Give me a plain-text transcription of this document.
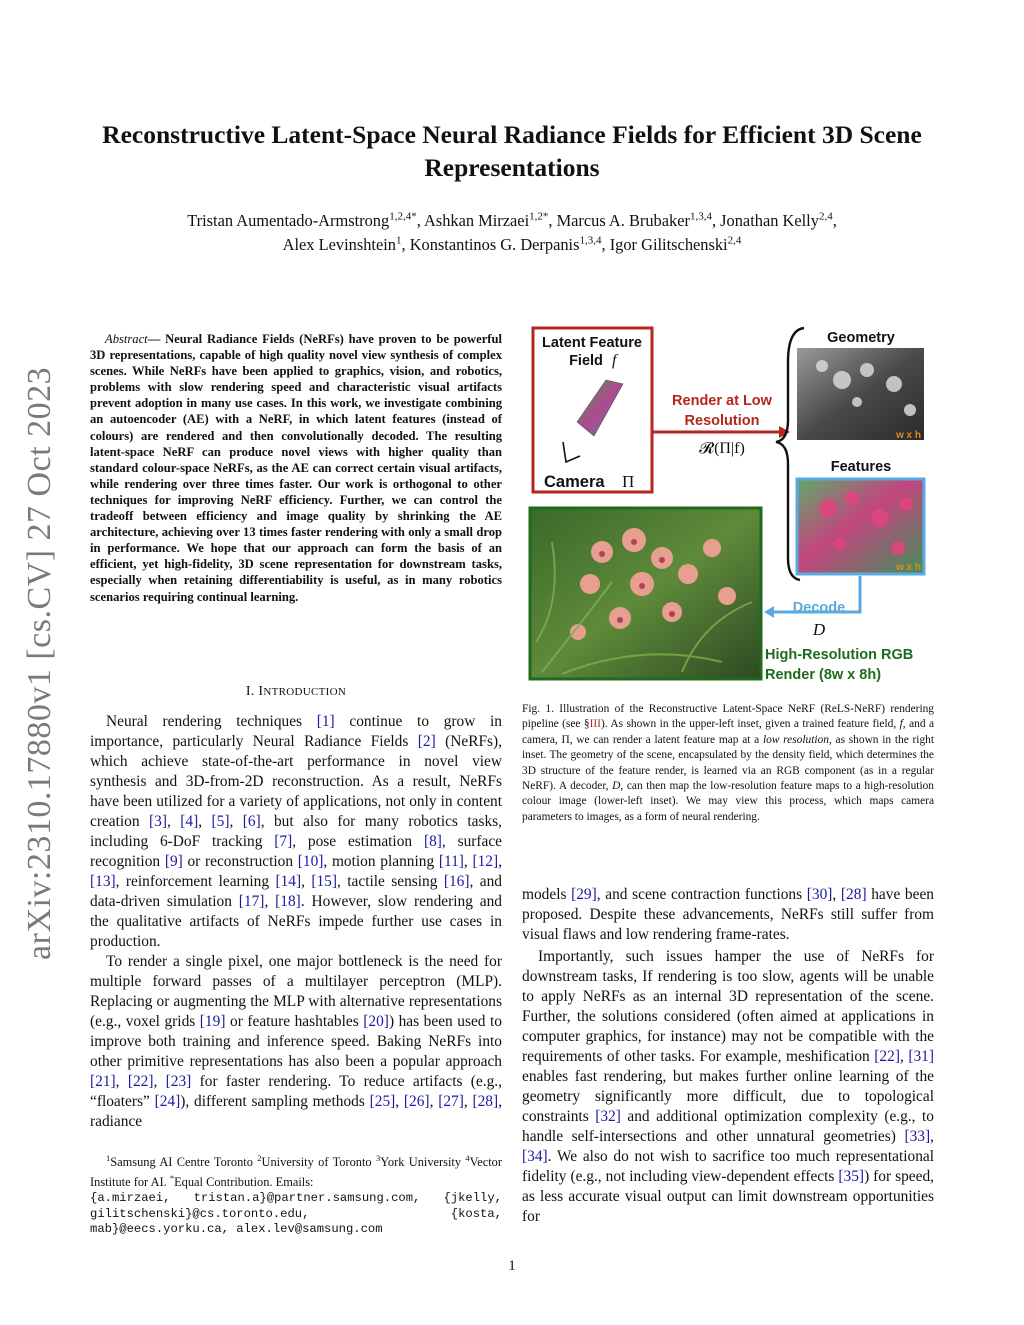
arXiv:2310.17880v1 [cs.CV] 27 Oct 2023
Reconstructive Latent-Space Neural Radiance Fields for Efficient 3D Scene Representations
Tristan Aumentado-Armstrong$^{1,2,4*}$, Ashkan Mirzaei$^{1,2*}$, Marcus A. Brubaker$^{1,3,4}$, Jonathan Kelly$^{2,4}$,
Alex Levinshtein$^1$, Konstantinos G. Derpanis$^{1,3,4}$, Igor Gilitschenski$^{2,4}$
Abstract— Neural Radiance Fields (NeRFs) have proven to be powerful 3D representations, capable of high quality novel view synthesis of complex scenes. While NeRFs have been applied to graphics, vision, and robotics, problems with slow rendering speed and characteristic visual artifacts prevent adoption in many use cases. In this work, we investigate combining an autoencoder (AE) with a NeRF, in which latent features (instead of colours) are rendered and then convolutionally decoded. The resulting latent-space NeRF can produce novel views with higher quality than standard colour-space NeRFs, as the AE can correct certain visual artifacts, while rendering over three times faster. Our work is orthogonal to other techniques for improving NeRF efficiency. Further, we can control the tradeoff between efficiency and image quality by shrinking the AE architecture, achieving over 13 times faster rendering with only a small drop in performance. We hope that our approach can form the basis of an efficient, yet high-fidelity, 3D scene representation for downstream tasks, especially when retaining differentiability is useful, as in many robotics scenarios requiring continual learning.
I. INTRODUCTION

Neural rendering techniques [1] continue to grow in importance, particularly Neural Radiance Fields [2] (NeRFs), which achieve state-of-the-art performance in novel view synthesis and 3D-from-2D reconstruction. As a result, NeRFs have been utilized for a variety of applications, not only in content creation [3], [4], [5], [6], but also for many robotics tasks, including 6-DoF tracking [7], pose estimation [8], surface recognition [9] or reconstruction [10], motion planning [11], [12], [13], reinforcement learning [14], [15], tactile sensing [16], and data-driven simulation [17], [18]. However, slow rendering and the qualitative artifacts of NeRFs impede further use cases in production.

To render a single pixel, one major bottleneck is the need for multiple forward passes of a multilayer perceptron (MLP). Replacing or augmenting the MLP with alternative representations (e.g., voxel grids [19] or feature hashtables [20]) has been used to improve both training and inference speed. Baking NeRFs into other primitive representations has also been a popular approach [21], [22], [23] for faster rendering. To reduce artifacts (e.g., “floaters” [24]), different sampling methods [25], [26], [27], [28], radiance

$^1$Samsung AI Centre Toronto $^2$University of Toronto $^3$York University $^4$Vector Institute for AI. *Equal Contribution. Emails:
{a.mirzaei, tristan.a}@partner.samsung.com, {jkelly, gilitschenski}@cs.toronto.edu, {kosta, mab}@eecs.yorku.ca, alex.lev@samsung.com
Latent Feature
Field f
Camera Π
Render at Low
Resolution
𝓡(Π|f)
Geometry
w x h
Features
w x h
Decode
D
High-Resolution RGB
Render (8w x 8h)
Fig. 1. Illustration of the Reconstructive Latent-Space NeRF (ReLS-NeRF) rendering pipeline (see §III). As shown in the upper-left inset, given a trained feature field, f, and a camera, Π, we can render a latent feature map at a low resolution, as shown in the right inset. The geometry of the scene, encapsulated by the density field, which determines the 3D structure of the feature render, is learned via an RGB component (as in a regular NeRF). A decoder, D, can then map the low-resolution feature maps to a high-resolution colour image (lower-left inset). We may view this process, which maps camera parameters to images, as a form of neural rendering.

models [29], and scene contraction functions [30], [28] have been proposed. Despite these advancements, NeRFs still suffer from visual flaws and low rendering frame-rates.

Importantly, such issues hamper the use of NeRFs for downstream tasks, If rendering is too slow, agents will be unable to apply NeRFs as an internal 3D representation of the scene. Further, the solutions considered (often aimed at applications in computer graphics, for instance) may not be compatible with the requirements of other tasks. For example, meshification [22], [31] enables fast rendering, but makes further online learning of the geometry significantly more difficult, due to topological constraints [32] and additional optimization complexity (e.g., to handle self-intersections and other unnatural geometries) [33], [34]. We also do not wish to sacrifice too much representational fidelity (e.g., not including view-dependent effects [35]) for speed, as less accurate visual output can limit downstream opportunities for

1
